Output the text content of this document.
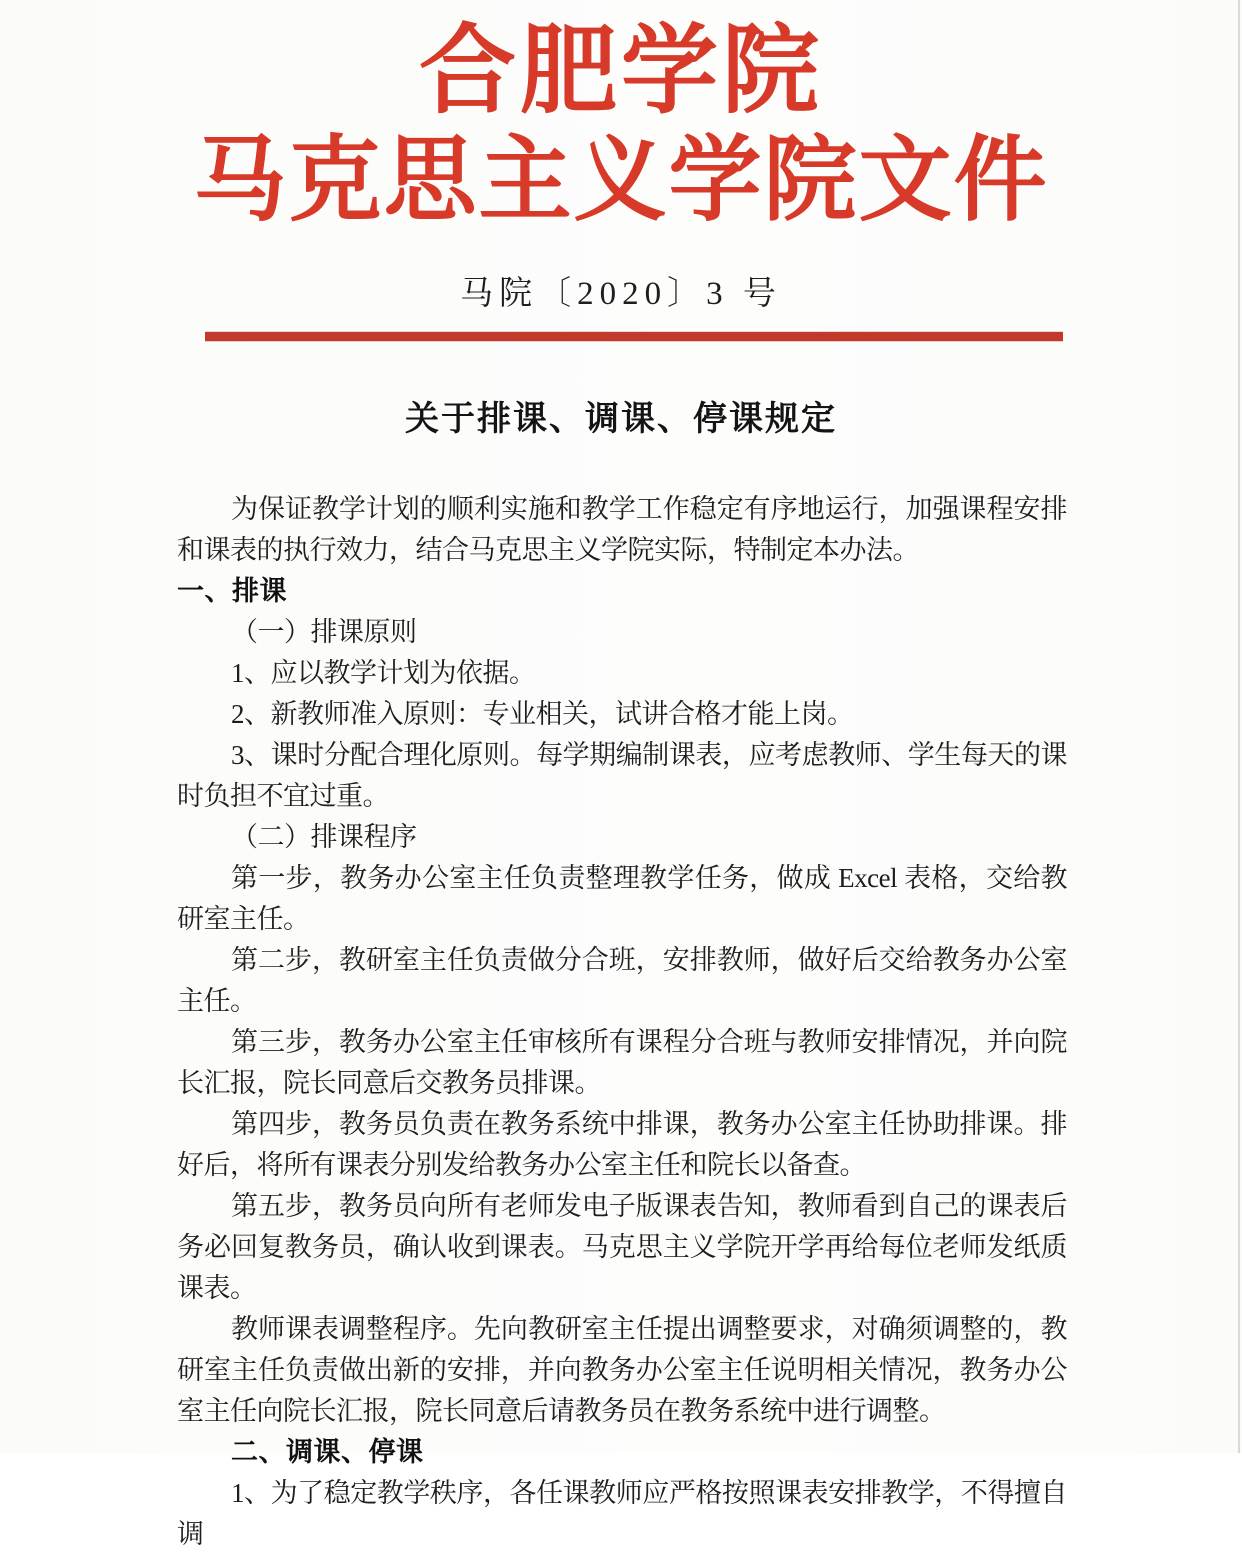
合肥学院
马克思主义学院文件
马院〔2020〕3 号
关于排课、调课、停课规定

为保证教学计划的顺利实施和教学工作稳定有序地运行，加强课程安排和课表的执行效力，结合马克思主义学院实际，特制定本办法。

一、排课

（一）排课原则

1、应以教学计划为依据。

2、新教师准入原则：专业相关，试讲合格才能上岗。

3、课时分配合理化原则。每学期编制课表，应考虑教师、学生每天的课时负担不宜过重。

（二）排课程序

第一步，教务办公室主任负责整理教学任务，做成 Excel 表格，交给教研室主任。

第二步，教研室主任负责做分合班，安排教师，做好后交给教务办公室主任。

第三步，教务办公室主任审核所有课程分合班与教师安排情况，并向院长汇报，院长同意后交教务员排课。

第四步，教务员负责在教务系统中排课，教务办公室主任协助排课。排好后，将所有课表分别发给教务办公室主任和院长以备查。

第五步，教务员向所有老师发电子版课表告知，教师看到自己的课表后务必回复教务员，确认收到课表。马克思主义学院开学再给每位老师发纸质课表。

教师课表调整程序。先向教研室主任提出调整要求，对确须调整的，教研室主任负责做出新的安排，并向教务办公室主任说明相关情况，教务办公室主任向院长汇报，院长同意后请教务员在教务系统中进行调整。

二、调课、停课

1、为了稳定教学秩序，各任课教师应严格按照课表安排教学，不得擅自调
